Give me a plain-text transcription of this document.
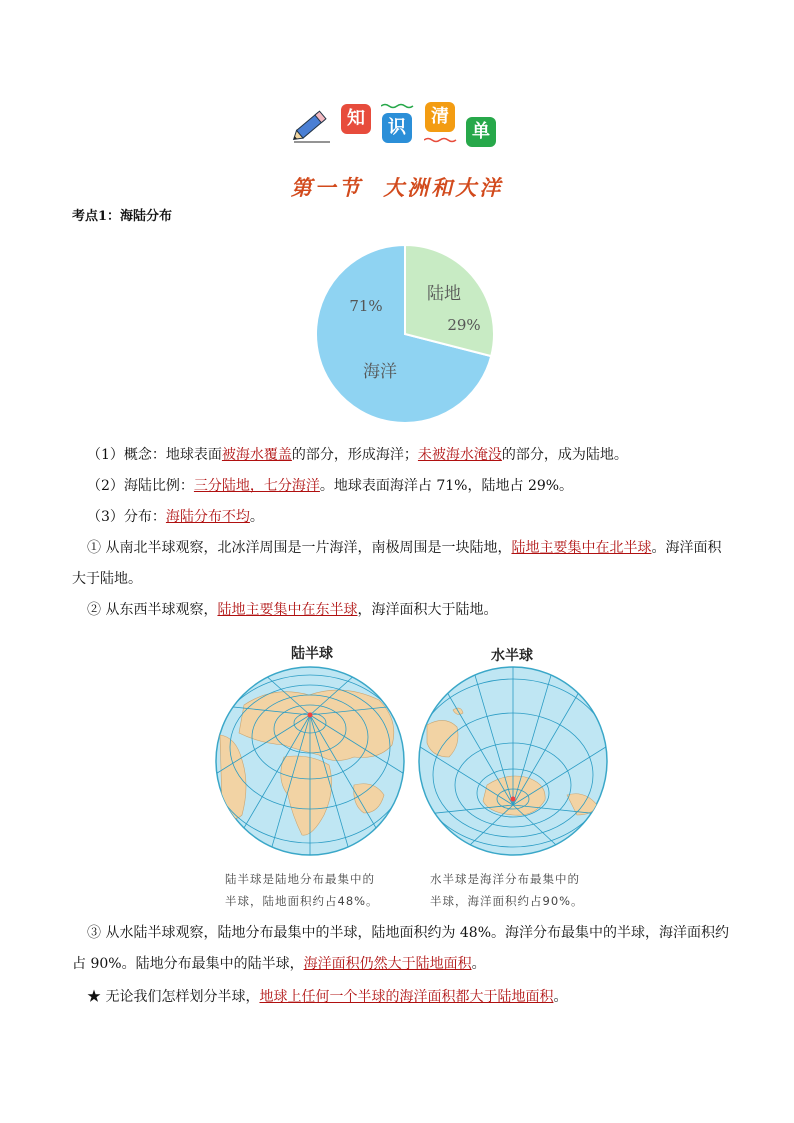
知	识
清
单
第一节  大洲和大洋
考点1：海陆分布
陆地
29%
71%
海洋
（1）概念：地球表面被海水覆盖的部分，形成海洋；未被海水淹没的部分，成为陆地。
（2）海陆比例：三分陆地，七分海洋。地球表面海洋占 71%，陆地占 29%。
（3）分布：海陆分布不均。
① 从南北半球观察，北冰洋周围是一片海洋，南极周围是一块陆地，陆地主要集中在北半球。海洋面积
大于陆地。
② 从东西半球观察，陆地主要集中在东半球，海洋面积大于陆地。
陆半球	水半球
陆半球是陆地分布最集中的
半球，陆地面积约占48%。
水半球是海洋分布最集中的
半球，海洋面积约占90%。
③ 从水陆半球观察，陆地分布最集中的半球，陆地面积约为 48%。海洋分布最集中的半球，海洋面积约
占 90%。陆地分布最集中的陆半球，海洋面积仍然大于陆地面积。
★ 无论我们怎样划分半球，地球上任何一个半球的海洋面积都大于陆地面积。
